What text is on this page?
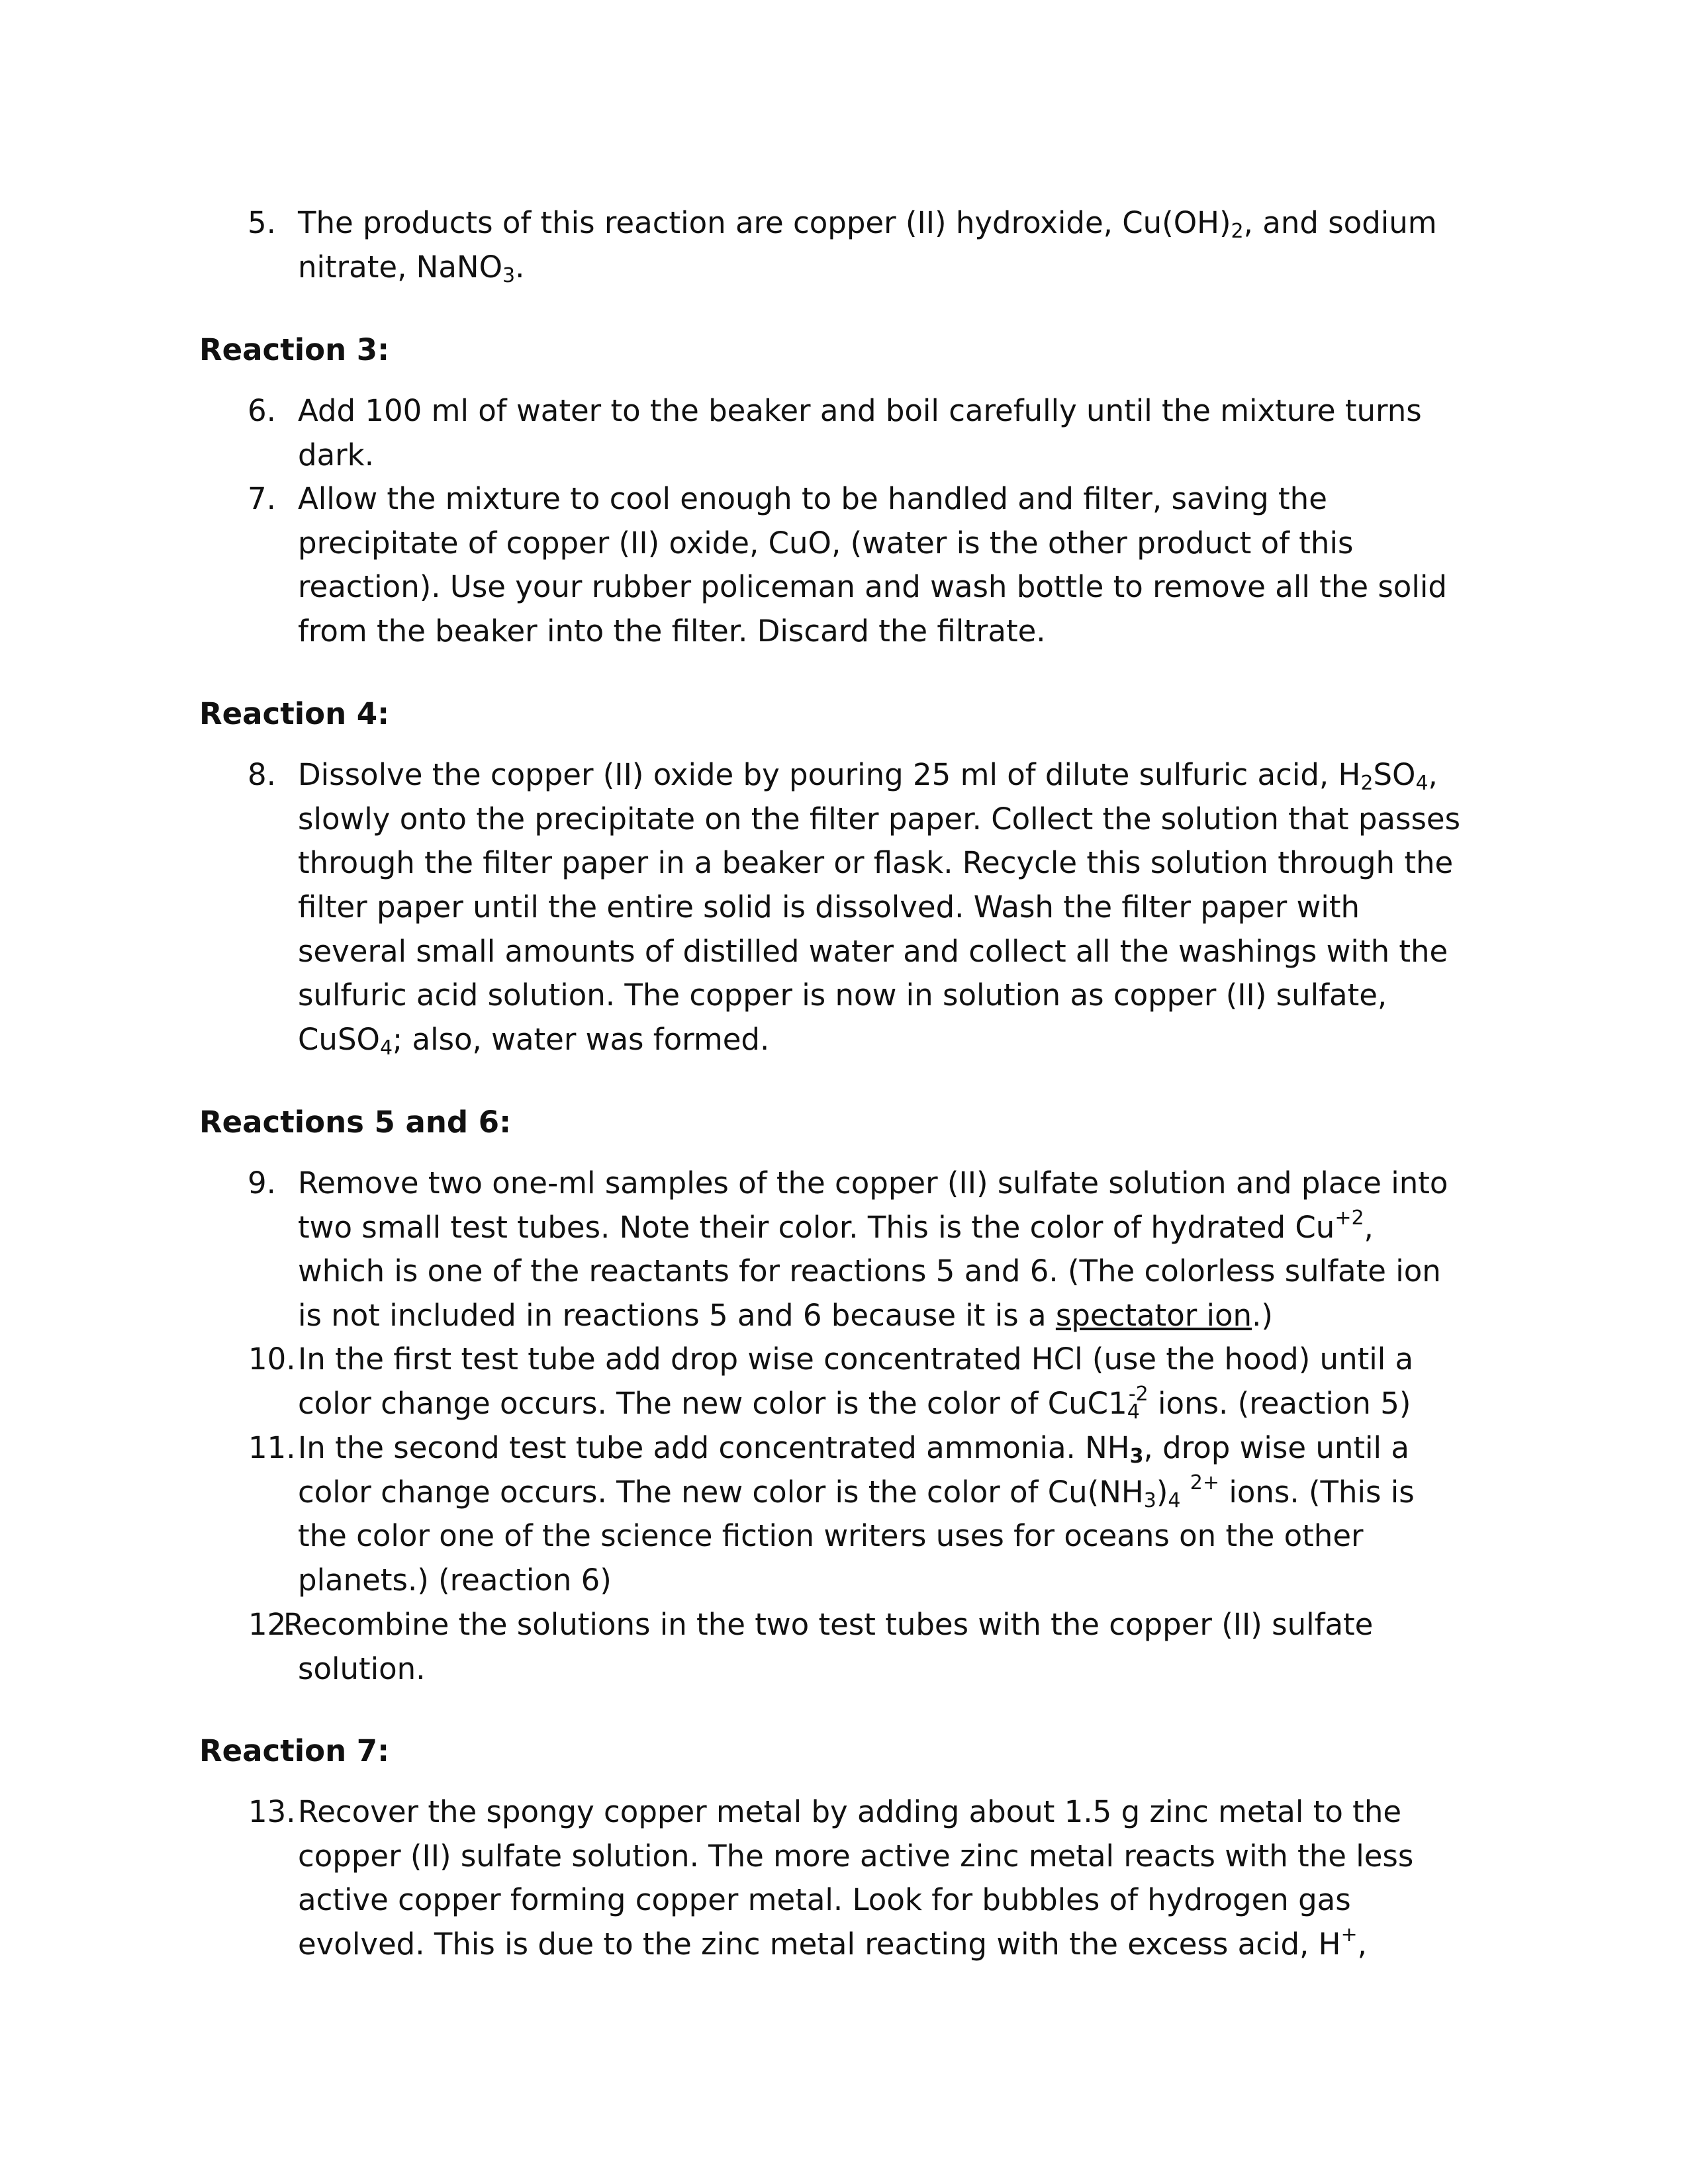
5. The products of this reaction are copper (II) hydroxide, $Cu(OH)_2$, and sodium
nitrate, NaNO$_3$.
Reaction 3:
6. Add 100 ml of water to the beaker and boil carefully until the mixture turns
dark.
7. Allow the mixture to cool enough to be handled and filter, saving the
precipitate of copper (II) oxide, CuO, (water is the other product of this
reaction). Use your rubber policeman and wash bottle to remove all the solid
from the beaker into the filter. Discard the filtrate.
Reaction 4:
8. Dissolve the copper (II) oxide by pouring 25 ml of dilute sulfuric acid, $H_2SO_4$,
slowly onto the precipitate on the filter paper. Collect the solution that passes
through the filter paper in a beaker or flask. Recycle this solution through the
filter paper until the entire solid is dissolved. Wash the filter paper with
several small amounts of distilled water and collect all the washings with the
sulfuric acid solution. The copper is now in solution as copper (II) sulfate,
CuSO$_4$; also, water was formed.
Reactions 5 and 6:
9. Remove two one-ml samples of the copper (II) sulfate solution and place into
two small test tubes. Note their color. This is the color of hydrated $Cu^{+2}$,
which is one of the reactants for reactions 5 and 6. (The colorless sulfate ion
is not included in reactions 5 and 6 because it is a spectator ion.)
10. In the first test tube add drop wise concentrated HCl (use the hood) until a
color change occurs. The new color is the color of $CuC1_4^{-2}$ ions. (reaction 5)
11. In the second test tube add concentrated ammonia. $NH_3$, drop wise until a
color change occurs. The new color is the color of $Cu(NH_3)_4$ $^{2+}$ ions. (This is
the color one of the science fiction writers uses for oceans on the other
planets.) (reaction 6)
12.
Recombine the solutions in the two test tubes with the copper (II) sulfate
solution.
Reaction 7:
13. Recover the spongy copper metal by adding about 1.5 g zinc metal to the
copper (II) sulfate solution. The more active zinc metal reacts with the less
active copper forming copper metal. Look for bubbles of hydrogen gas
evolved. This is due to the zinc metal reacting with the excess acid, H+,
